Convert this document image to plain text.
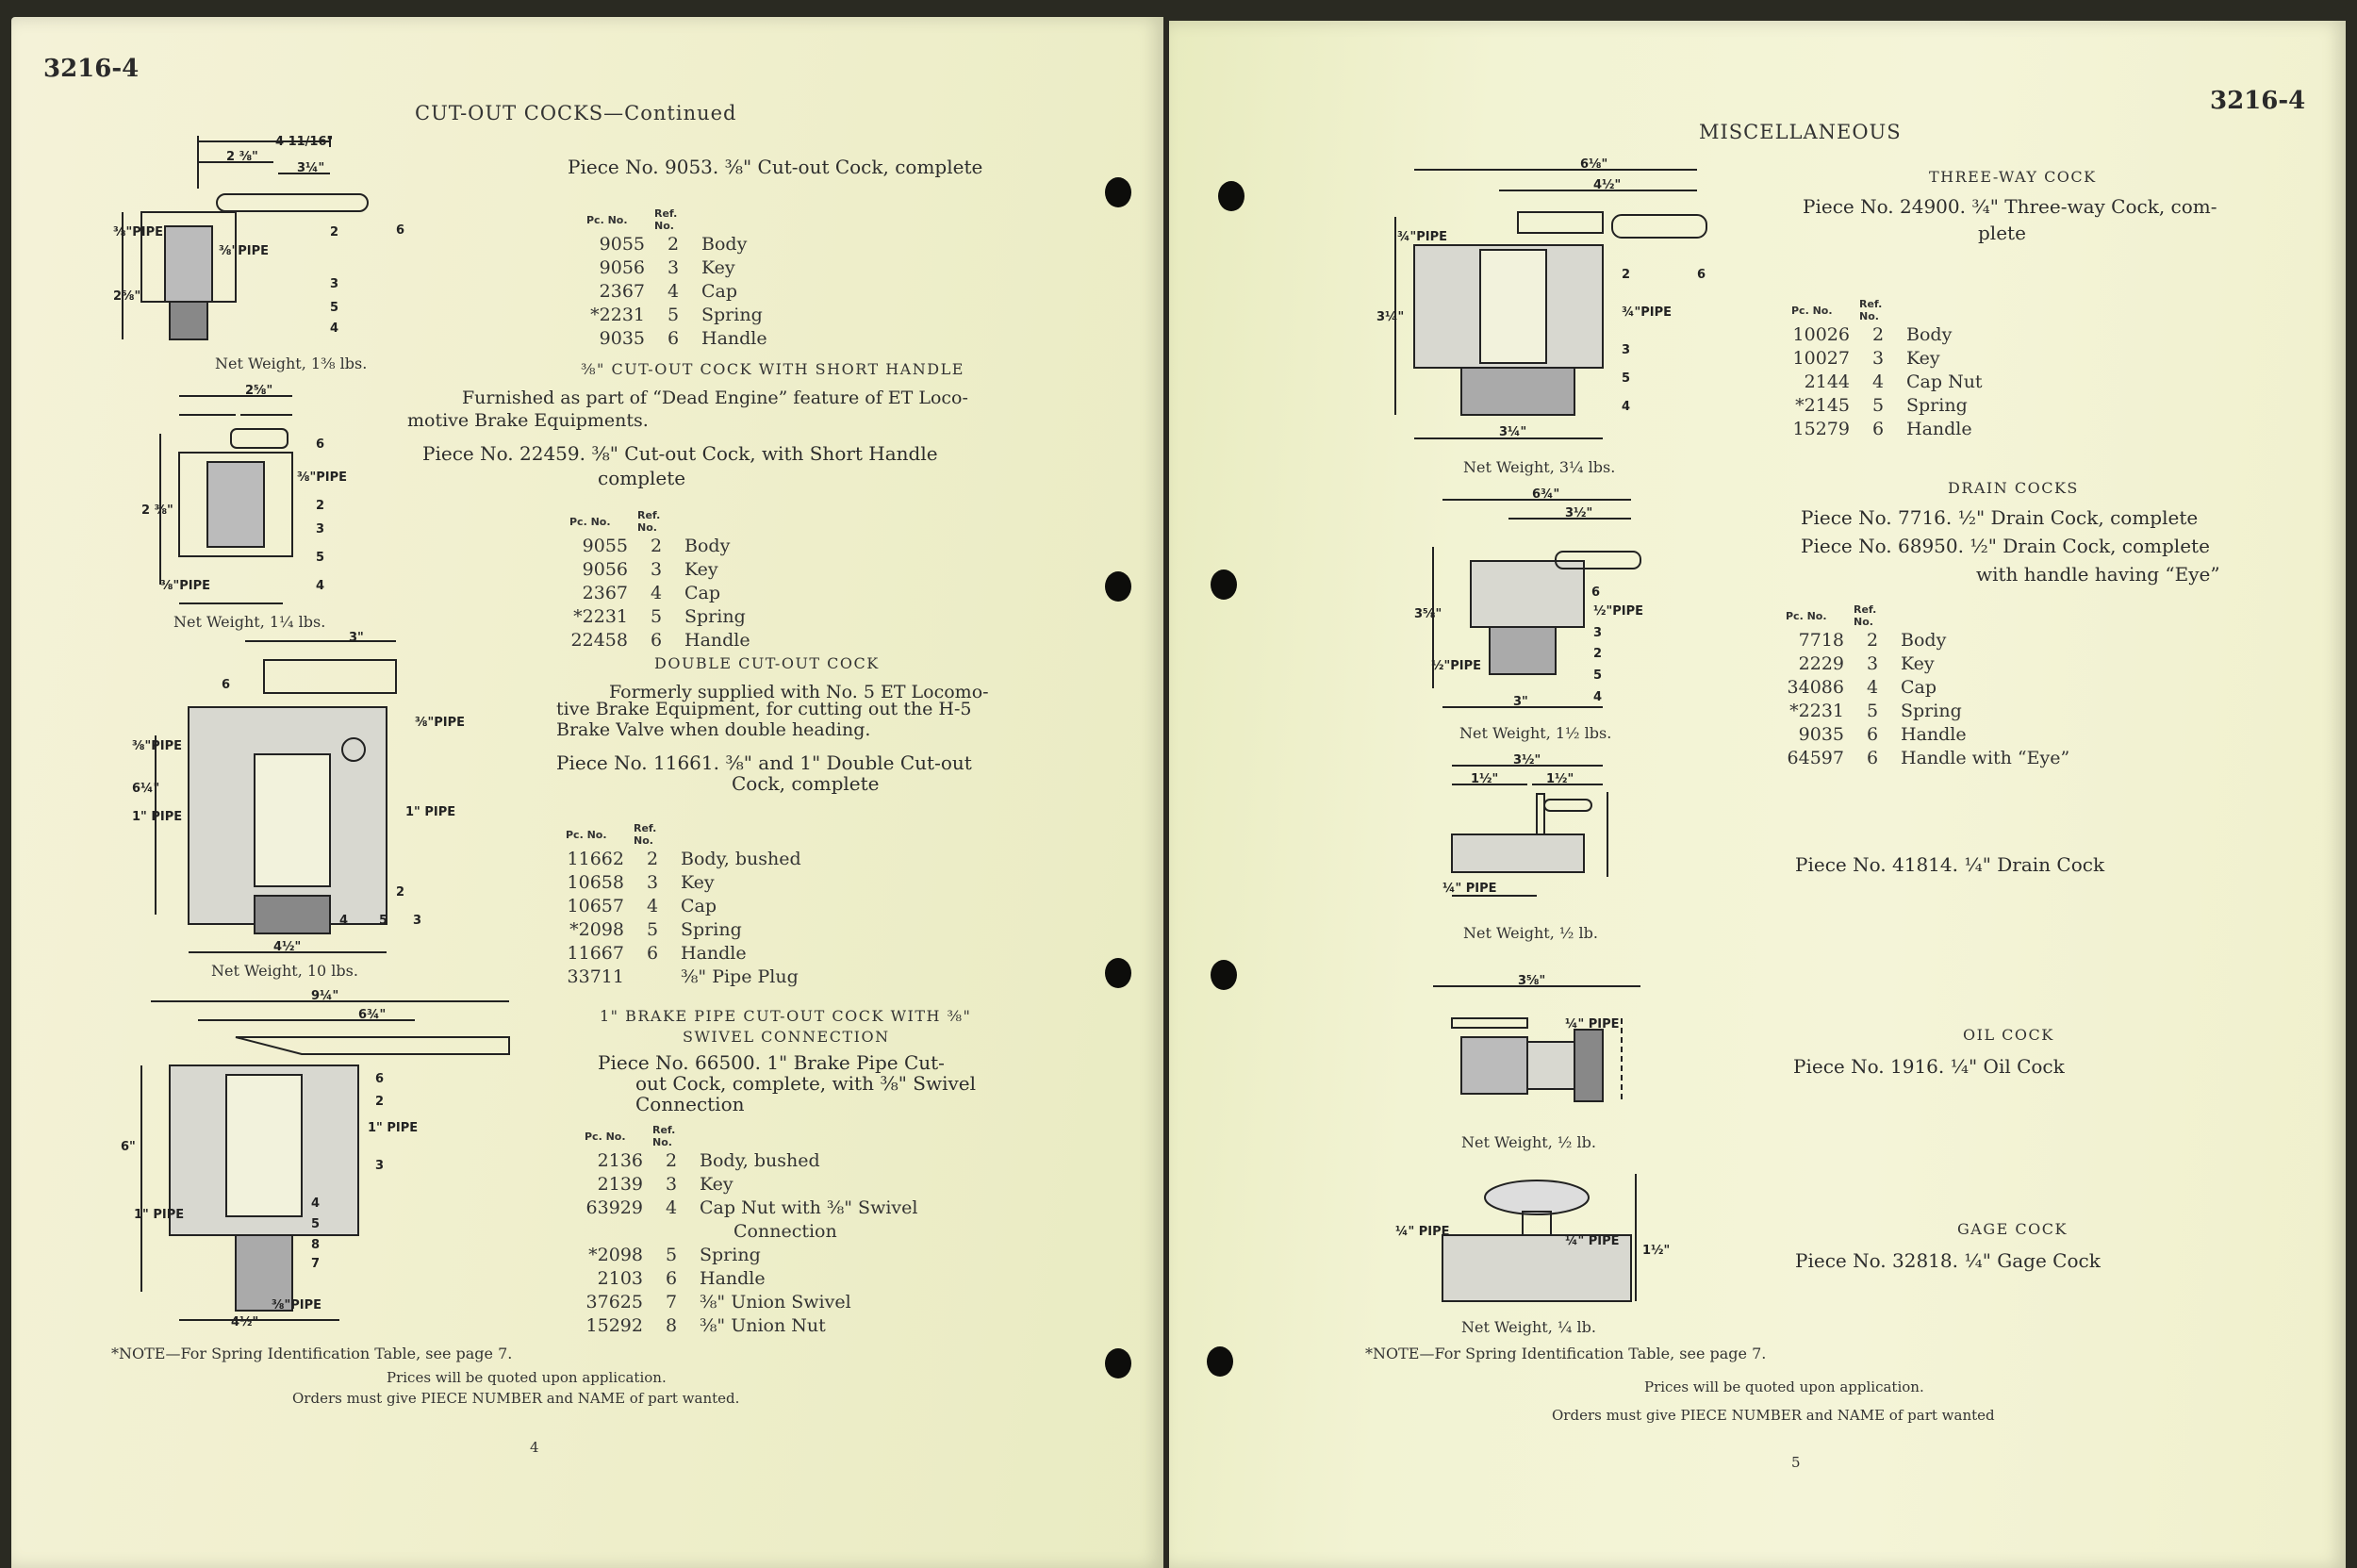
3216-4
CUT-OUT COCKS—Continued
4 11/16"
2 ⅜"
3¼"
⅜"PIPE
⅜"PIPE
2⅝"
2
3
5
4
6
Net Weight, 1⅜ lbs.
Piece No. 9053. ⅜" Cut-out Cock, complete
Pc. No.	Ref. No.	
9055	2	Body
9056	3	Key
2367	4	Cap
*2231	5	Spring
9035	6	Handle
⅜" CUT-OUT COCK WITH SHORT HANDLE
Furnished as part of “Dead Engine” feature of ET Loco-
motive Brake Equipments.
Piece No. 22459. ⅜" Cut-out Cock, with Short Handle
complete
2⅝"
⅜"PIPE
2 ⅜"
⅜"PIPE
6
2
3
5
4
Net Weight, 1¼ lbs.
Pc. No.	Ref. No.	
9055	2	Body
9056	3	Key
2367	4	Cap
*2231	5	Spring
22458	6	Handle
DOUBLE CUT-OUT COCK
Formerly supplied with No. 5 ET Locomo-
tive Brake Equipment, for cutting out the H-5
Brake Valve when double heading.
Piece No. 11661. ⅜" and 1" Double Cut-out
Cock, complete
3"
⅜"PIPE
⅜"PIPE
6¼"
1" PIPE	1" PIPE
4½"
6
2
4	5 3
Net Weight, 10 lbs.
Pc. No.	Ref. No.	
11662	2	Body, bushed
10658	3	Key
10657	4	Cap
*2098	5	Spring
11667	6	Handle
33711		⅜" Pipe Plug
1" BRAKE PIPE CUT-OUT COCK WITH ⅜"
SWIVEL CONNECTION
Piece No. 66500. 1" Brake Pipe Cut-
out Cock, complete, with ⅜" Swivel
Connection
9¼"
6¾"
6"
1" PIPE
1" PIPE
⅜"PIPE
4½"
6
2
3
4
5
8
7
Pc. No.	Ref. No.	
2136	2	Body, bushed
2139	3	Key
63929	4	Cap Nut with ⅜" Swivel
		Connection
*2098	5	Spring
2103	6	Handle
37625	7	⅜" Union Swivel
15292	8	⅜" Union Nut
*NOTE—For Spring Identification Table, see page 7.
Prices will be quoted upon application.
Orders must give PIECE NUMBER and NAME of part wanted.
4
3216-4
MISCELLANEOUS
THREE-WAY COCK
Piece No. 24900. ¾" Three-way Cock, com-
plete
6⅛"
4½"
¾"PIPE
¾"PIPE
3¼"
3¼"
2	6
3
5
4
Net Weight, 3¼ lbs.
Pc. No.	Ref. No.	
10026	2	Body
10027	3	Key
2144	4	Cap Nut
*2145	5	Spring
15279	6	Handle
DRAIN COCKS
Piece No. 7716. ½" Drain Cock, complete
Piece No. 68950. ½" Drain Cock, complete
with handle having “Eye”
6¾"
3½"
3⅝"	½"PIPE
½"PIPE
3"
6
3
2
5
4
Net Weight, 1½ lbs.
Pc. No.	Ref. No.	
7718	2	Body
2229	3	Key
34086	4	Cap
*2231	5	Spring
9035	6	Handle
64597	6	Handle with “Eye”
3½"
1½"	1½"
¼" PIPE
Net Weight, ½ lb.
Piece No. 41814. ¼" Drain Cock
3⅝"
¼" PIPE
Net Weight, ½ lb.
OIL COCK
Piece No. 1916. ¼" Oil Cock
¼" PIPE
¼" PIPE
1½"
Net Weight, ¼ lb.
GAGE COCK
Piece No. 32818. ¼" Gage Cock
*NOTE—For Spring Identification Table, see page 7.
Prices will be quoted upon application.
Orders must give PIECE NUMBER and NAME of part wanted
5
